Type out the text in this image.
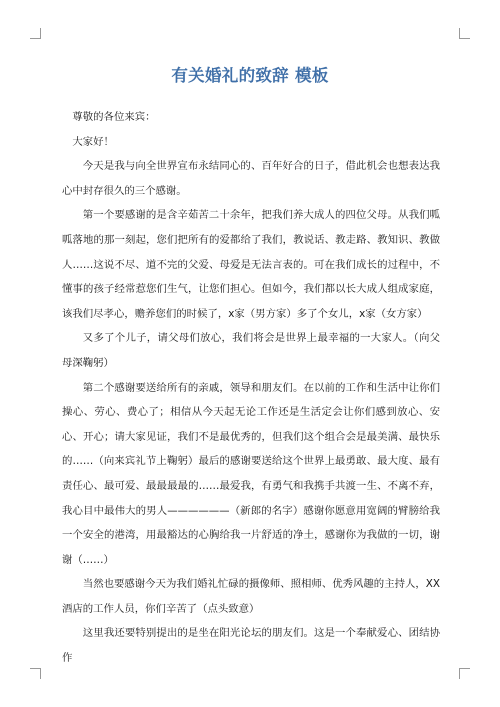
有关婚礼的致辞 模板

尊敬的各位来宾：

大家好！

今天是我与向全世界宣布永结同心的、百年好合的日子，借此机会也想表达我心中封存很久的三个感谢。

第一个要感谢的是含辛茹苦二十余年，把我们养大成人的四位父母。从我们呱呱落地的那一刻起，您们把所有的爱都给了我们，教说话、教走路、教知识、教做人……这说不尽、道不完的父爱、母爱是无法言表的。可在我们成长的过程中，不懂事的孩子经常惹您们生气，让您们担心。但如今，我们都以长大成人组成家庭，该我们尽孝心，赡养您们的时候了，x家（男方家）多了个女儿，x家（女方家）

又多了个儿子，请父母们放心，我们将会是世界上最幸福的一大家人。（向父母深鞠躬）

第二个感谢要送给所有的亲戚，领导和朋友们。在以前的工作和生活中让你们操心、劳心、费心了；相信从今天起无论工作还是生活定会让你们感到放心、安心、开心；请大家见证，我们不是最优秀的，但我们这个组合会是最美满、最快乐的……（向来宾礼节上鞠躬）最后的感谢要送给这个世界上最勇敢、最大度、最有责任心、最可爱、最最最最的……最爱我，有勇气和我携手共渡一生、不离不弃，我心目中最伟大的男人——————（新郎的名字）感谢你愿意用宽阔的臂膀给我一个安全的港湾，用最豁达的心胸给我一片舒适的净土，感谢你为我做的一切，谢谢（……）

当然也要感谢今天为我们婚礼忙碌的摄像师、照相师、优秀风趣的主持人，XX酒店的工作人员，你们辛苦了（点头致意）

这里我还要特别提出的是坐在阳光论坛的朋友们。这是一个奉献爱心、团结协作
